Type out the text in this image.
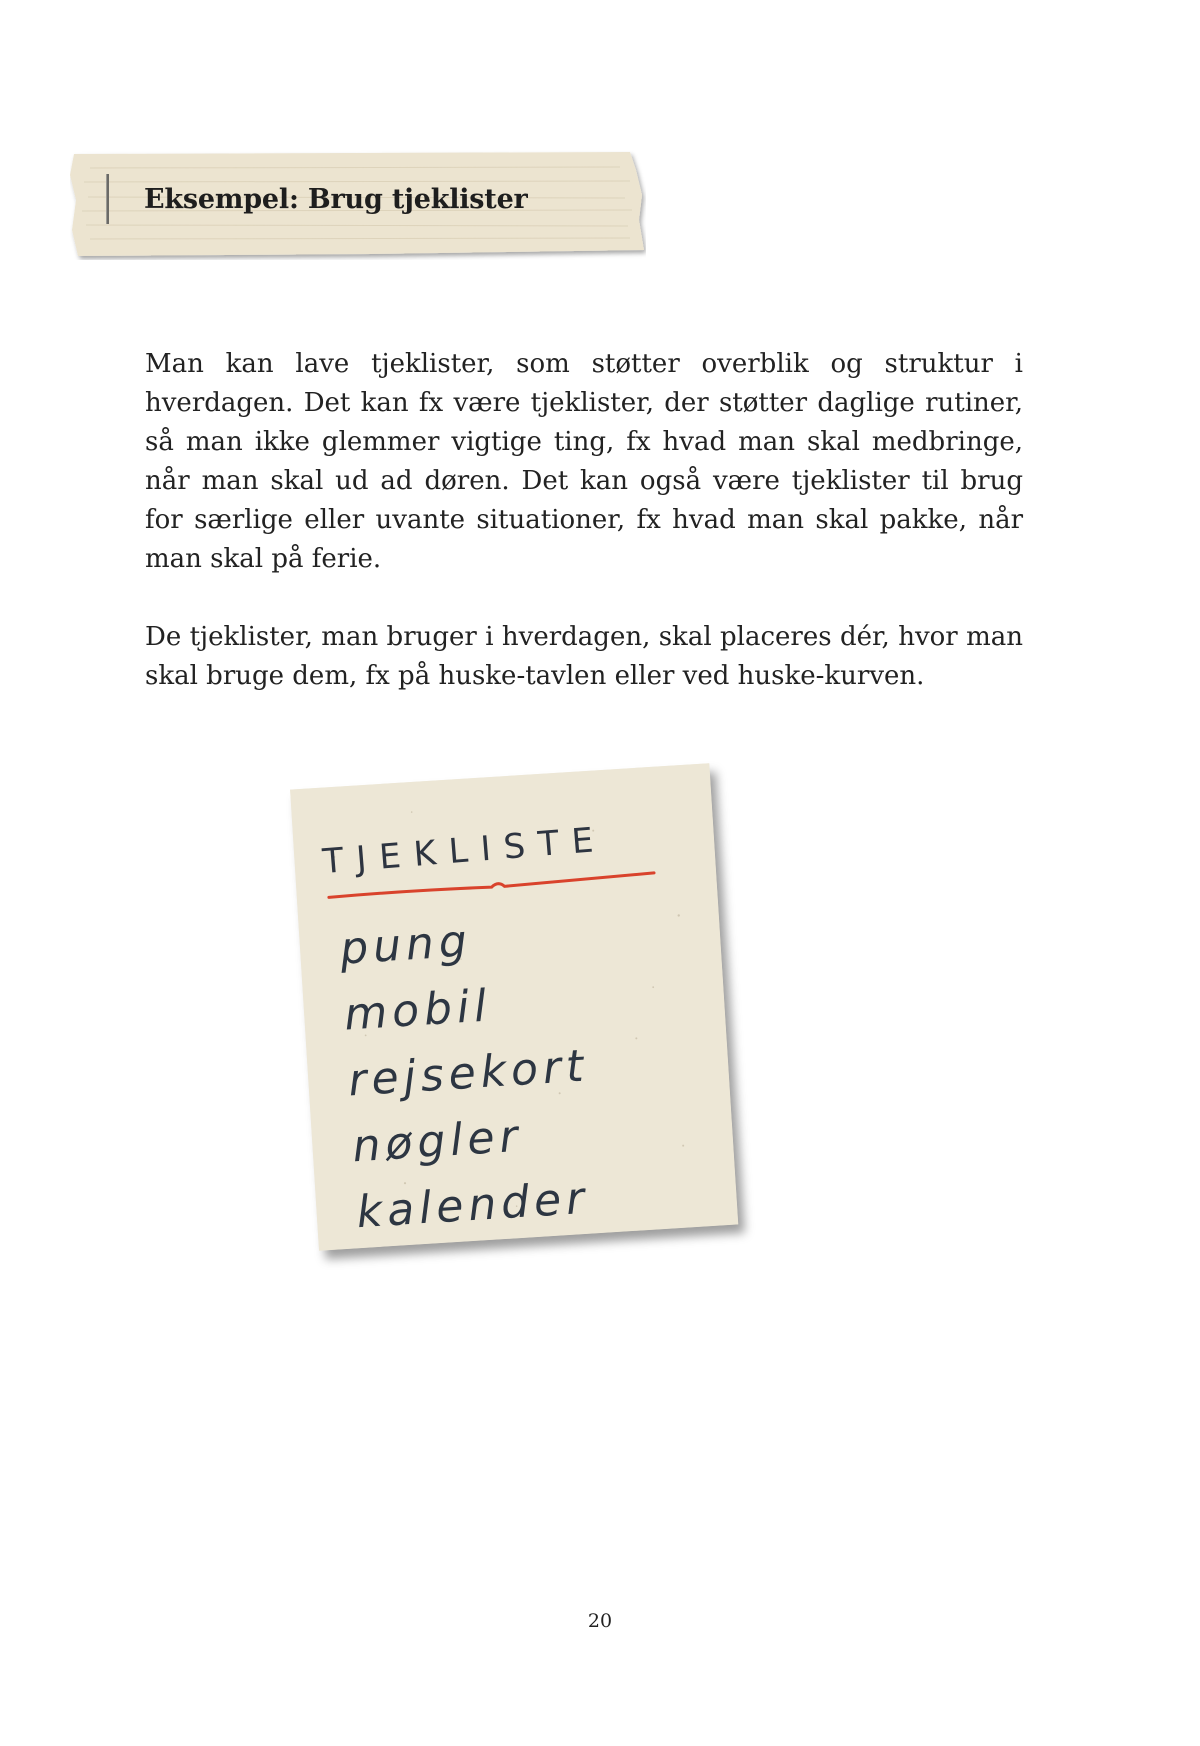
Eksempel: Brug tjeklister

Man kan lave tjeklister, som støtter overblik og struktur i hverdagen. Det kan fx være tjeklister, der støtter daglige rutiner, så man ikke glemmer vigtige ting, fx hvad man skal medbringe, når man skal ud ad døren. Det kan også være tjeklister til brug for særlige eller uvante situationer, fx hvad man skal pakke, når man skal på ferie.

De tjeklister, man bruger i hverdagen, skal placeres dér, hvor man skal bruge dem, fx på huske-tavlen eller ved huske-kurven.

TJEKLISTE
pung
mobil
rejsekort
nøgler
kalender
20
